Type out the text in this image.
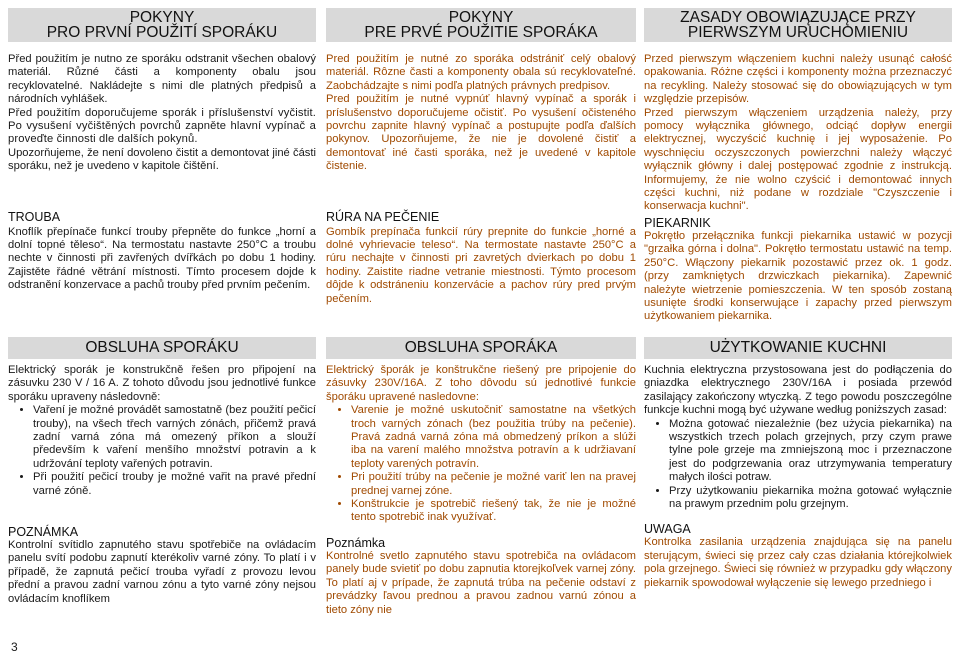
POKYNY
PRO PRVNÍ POUŽITÍ SPORÁKU

Před použitím je nutno ze sporáku odstranit všechen obalový materiál. Různé části a komponenty obalu jsou recyklovatelné. Nakládejte s nimi dle platných předpisů a národních vyhlášek.

Před použitím doporučujeme sporák i příslušenství vyčistit. Po vysušení vyčištěných povrchů zapněte hlavní vypínač a proveďte činnosti dle dalších pokynů.

Upozorňujeme, že není dovoleno čistit a demontovat jiné části sporáku, než je uvedeno v kapitole čištění.

TROUBA

Knoflík přepínače funkcí trouby přepněte do funkce „horní a dolní topné těleso“. Na termostatu nastavte 250°C a troubu nechte v činnosti při zavřených dvířkách po dobu 1 hodiny. Zajistěte řádné větrání místnosti. Tímto procesem dojde k odstranění konzervace a pachů trouby před prvním pečením.

POKYNY
PRE PRVÉ POUŽITIE SPORÁKA

Pred použitím je nutné zo sporáka odstrániť celý obalový materiál. Rôzne časti a komponenty obala sú recyklovateľné. Zaobchádzajte s nimi podľa platných právnych predpisov.

Pred použitím je nutné vypnúť hlavný vypínač a sporák i príslušenstvo doporučujeme očistiť. Po vysušení očisteného povrchu zapnite hlavný vypínač a postupujte podľa ďalších pokynov. Upozorňujeme, že nie je dovolené čistiť a demontovať iné časti sporáka, než je uvedené v kapitole čistenie.

RÚRA NA PEČENIE

Gombík prepínača funkcií rúry prepnite do funkcie „horné a dolné vyhrievacie teleso“. Na termostate nastavte 250°C a rúru nechajte v činnosti pri zavretých dvierkach po dobu 1 hodiny. Zaistite riadne vetranie miestnosti. Týmto procesom dôjde k odstráneniu konzervácie a pachov rúry pred prvým pečením.

ZASADY OBOWIĄZUJĄCE PRZY
PIERWSZYM URUCHOMIENIU

Przed pierwszym włączeniem kuchni należy usunąć całość opakowania. Różne części i komponenty można przeznaczyć na recykling. Należy stosować się do obowiązujących w tym względzie przepisów.

Przed pierwszym włączeniem urządzenia należy, przy pomocy wyłącznika głównego, odciąć dopływ energii elektrycznej, wyczyścić kuchnię i jej wyposażenie. Po wyschnięciu oczyszczonych powierzchni należy włączyć wyłącznik główny i dalej postępować zgodnie z instrukcją. Informujemy, że nie wolno czyścić i demontować innych części kuchni, niż podane w rozdziale "Czyszczenie i konserwacja kuchni".

PIEKARNIK

Pokrętło przełącznika funkcji piekarnika ustawić w pozycji "grzałka górna i dolna". Pokrętło termostatu ustawić na temp. 250°C. Włączony piekarnik pozostawić przez ok. 1 godz. (przy zamkniętych drzwiczkach piekarnika). Zapewnić należyte wietrzenie pomieszczenia. W ten sposób zostaną usunięte środki konserwujące i zapachy przed pierwszym użytkowaniem piekarnika.

OBSLUHA SPORÁKU	OBSLUHA SPORÁKA	UŻYTKOWANIE KUCHNI

Elektrický sporák je konstrukčně řešen pro připojení na zásuvku 230 V / 16 A. Z tohoto důvodu jsou jednotlivé funkce sporáku upraveny následovně:

• Vaření je možné provádět samostatně (bez použití pečicí trouby), na všech třech varných zónách, přičemž pravá zadní varná zóna má omezený příkon a slouží především k vaření menšího množství potravin a k udržování teploty vařených potravin.
• Při použití pečicí trouby je možné vařit na pravé přední varné zóně.

POZNÁMKA

Kontrolní svítidlo zapnutého stavu spotřebiče na ovládacím panelu svítí podobu zapnutí kterékoliv varné zóny. To platí i v případě, že zapnutá pečicí trouba vyřadí z provozu levou přední a pravou zadní varnou zónu a tyto varné zóny nejsou ovládacím knoflíkem

Elektrický šporák je konštrukčne riešený pre pripojenie do zásuvky 230V/16A. Z toho dôvodu sú jednotlivé funkcie šporáku upravené nasledovne:

• Varenie je možné uskutočniť samostatne na všetkých troch varných zónach (bez použitia trúby na pečenie). Pravá zadná varná zóna má obmedzený príkon a slúži iba na varení malého množstva potravín a k udržiavaní teploty varených potravín.
• Pri použití trúby na pečenie je možné variť len na pravej prednej varnej zóne.
• Konštrukcie je spotrebič riešený tak, že nie je možné tento spotrebič inak využívať.

Poznámka

Kontrolné svetlo zapnutého stavu spotrebiča na ovládacom panely bude svietiť po dobu zapnutia ktorejkoľvek varnej zóny. To platí aj v prípade, že zapnutá trúba na pečenie odstaví z prevádzky ľavou prednou a pravou zadnou varnú zónou a tieto zóny nie

Kuchnia elektryczna przystosowana jest do podłączenia do gniazdka elektrycznego 230V/16A i posiada przewód zasilający zakończony wtyczką. Z tego powodu poszczególne funkcje kuchni mogą być używane według poniższych zasad:

• Można gotować niezależnie (bez użycia piekarnika) na wszystkich trzech polach grzejnych, przy czym prawe tylne pole grzeje ma zmniejszoną moc i przeznaczone jest do podgrzewania oraz utrzymywania temperatury małych ilości potraw.
• Przy użytkowaniu piekarnika można gotować wyłącznie na prawym przednim polu grzejnym.

UWAGA

Kontrolka zasilania urządzenia znajdująca się na panelu sterującym, świeci się przez cały czas działania którejkolwiek pola grzejnego. Świeci się również w przypadku gdy włączony piekarnik spowodował wyłączenie się lewego przedniego i

3
